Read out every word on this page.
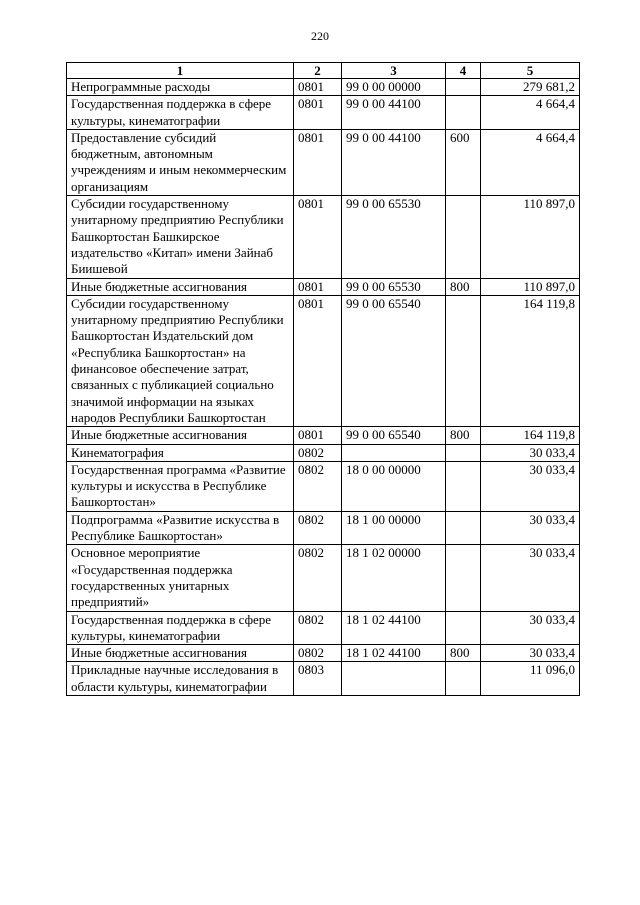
220
1	2	3	4	5
Непрограммные расходы	0801	99 0 00 00000		279 681,2
Государственная поддержка в сфере культуры, кинематографии	0801	99 0 00 44100		4 664,4
Предоставление субсидий бюджетным, автономным учреждениям и иным некоммерческим организациям	0801	99 0 00 44100	600	4 664,4
Субсидии государственному унитарному предприятию Республики Башкортостан Башкирское издательство «Китап» имени Зайнаб Биишевой	0801	99 0 00 65530		110 897,0
Иные бюджетные ассигнования	0801	99 0 00 65530	800	110 897,0
Субсидии государственному унитарному предприятию Республики Башкортостан Издательский дом «Республика Башкортостан» на финансовое обеспечение затрат, связанных с публикацией социально значимой информации на языках народов Республики Башкортостан	0801	99 0 00 65540		164 119,8
Иные бюджетные ассигнования	0801	99 0 00 65540	800	164 119,8
Кинематография	0802			30 033,4
Государственная программа «Развитие культуры и искусства в Республике Башкортостан»	0802	18 0 00 00000		30 033,4
Подпрограмма «Развитие искусства в Республике Башкортостан»	0802	18 1 00 00000		30 033,4
Основное мероприятие «Государственная поддержка государственных унитарных предприятий»	0802	18 1 02 00000		30 033,4
Государственная поддержка в сфере культуры, кинематографии	0802	18 1 02 44100		30 033,4
Иные бюджетные ассигнования	0802	18 1 02 44100	800	30 033,4
Прикладные научные исследования в области культуры, кинематографии	0803			11 096,0
